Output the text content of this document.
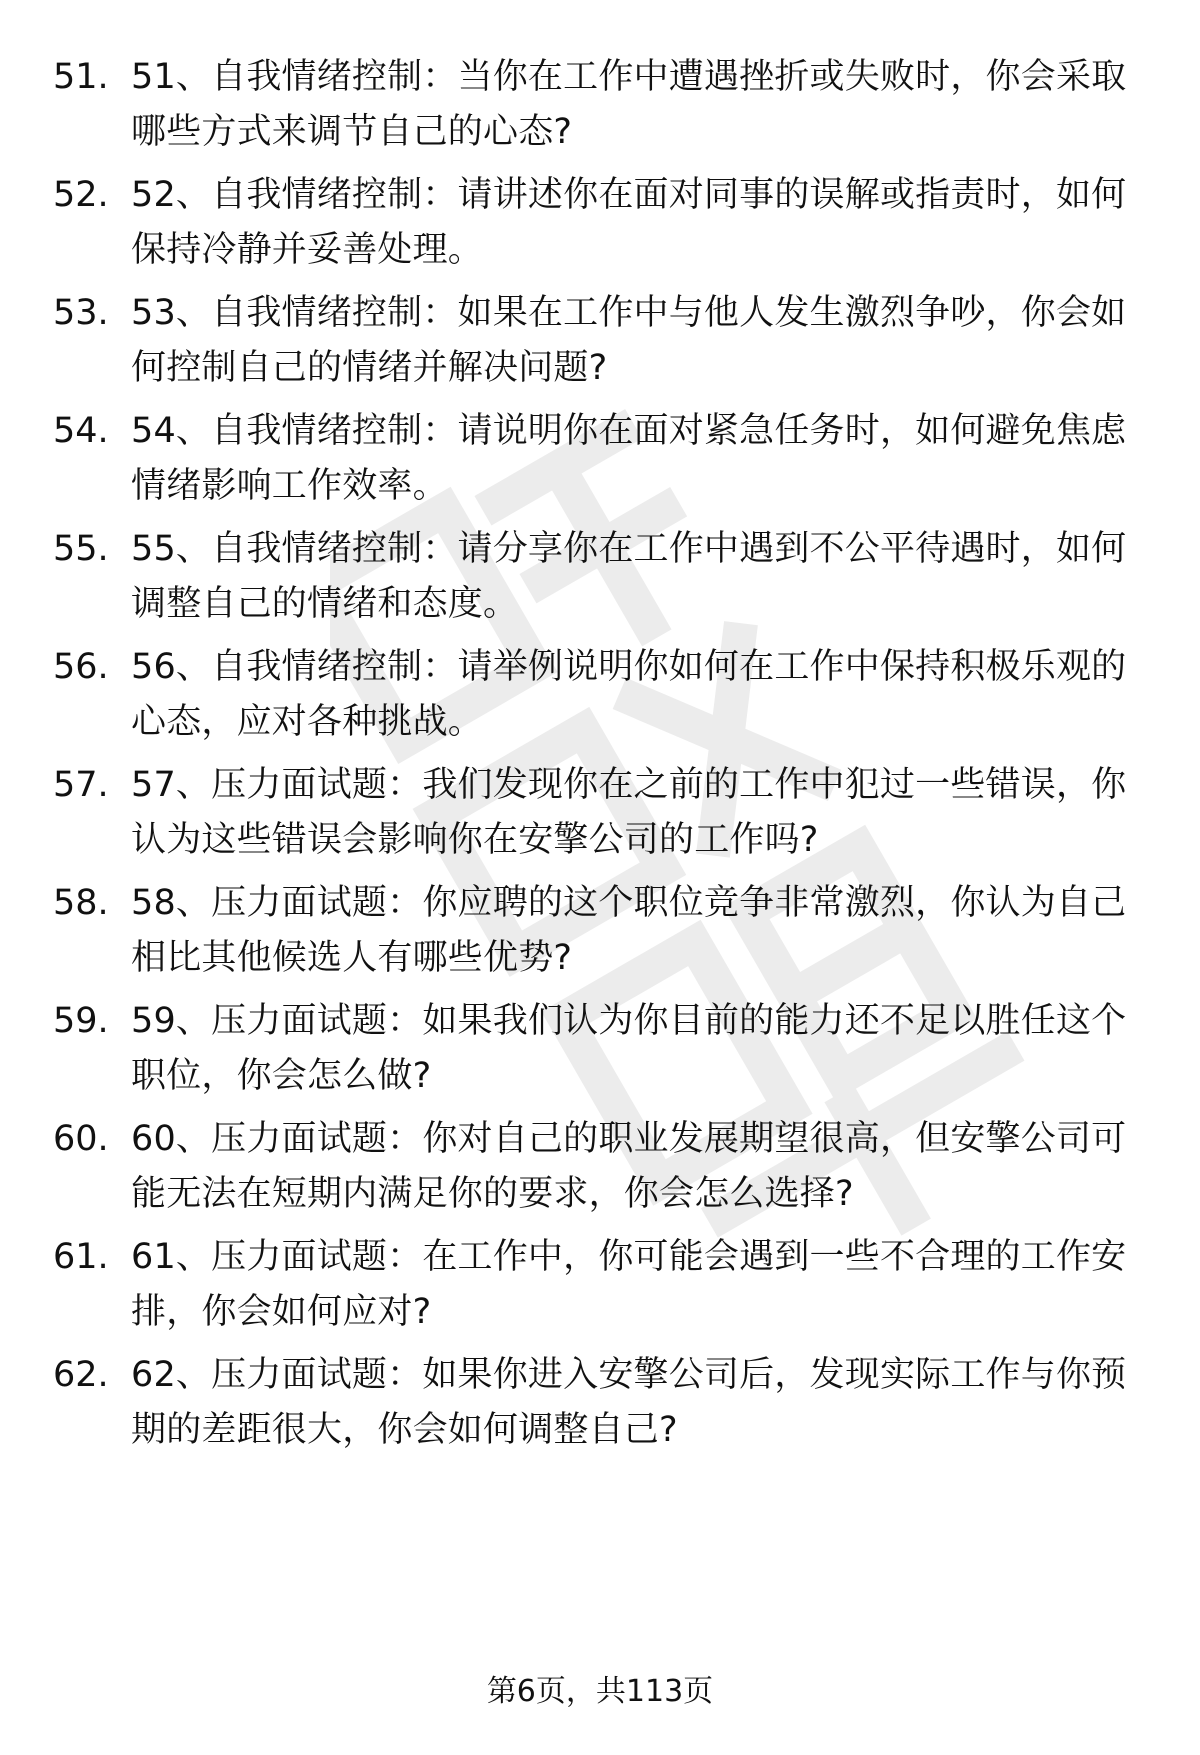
51. 51、自我情绪控制：当你在工作中遭遇挫折或失败时，你会采取哪些方式来调节自己的心态?
52. 52、自我情绪控制：请讲述你在面对同事的误解或指责时，如何保持冷静并妥善处理。
53. 53、自我情绪控制：如果在工作中与他人发生激烈争吵，你会如何控制自己的情绪并解决问题?
54. 54、自我情绪控制：请说明你在面对紧急任务时，如何避免焦虑情绪影响工作效率。
55. 55、自我情绪控制：请分享你在工作中遇到不公平待遇时，如何调整自己的情绪和态度。
56. 56、自我情绪控制：请举例说明你如何在工作中保持积极乐观的心态，应对各种挑战。
57. 57、压力面试题：我们发现你在之前的工作中犯过一些错误，你认为这些错误会影响你在安擎公司的工作吗?
58. 58、压力面试题：你应聘的这个职位竞争非常激烈，你认为自己相比其他候选人有哪些优势?
59. 59、压力面试题：如果我们认为你目前的能力还不足以胜任这个职位，你会怎么做?
60. 60、压力面试题：你对自己的职业发展期望很高，但安擎公司可能无法在短期内满足你的要求，你会怎么选择?
61. 61、压力面试题：在工作中，你可能会遇到一些不合理的工作安排，你会如何应对?
62. 62、压力面试题：如果你进入安擎公司后，发现实际工作与你预期的差距很大，你会如何调整自己?
第6页，共113页
